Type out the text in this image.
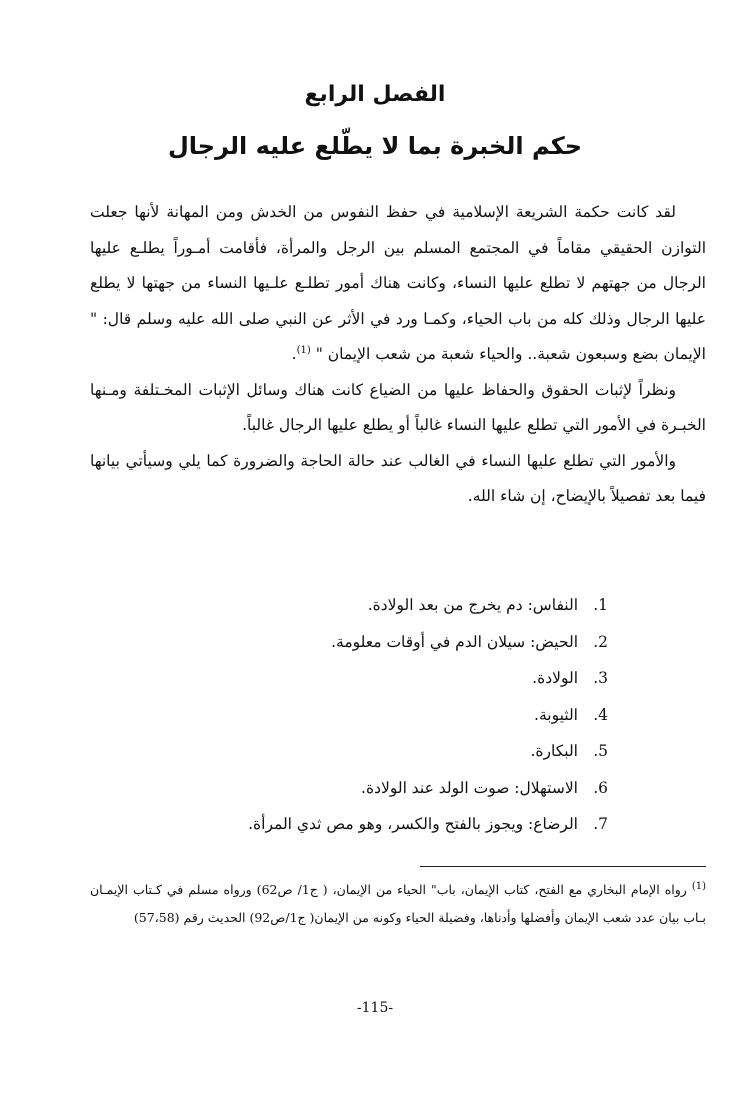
الفصل الرابع
حكم الخبرة بما لا يطّلع عليه الرجال

لقد كانت حكمة الشريعة الإسلامية في حفظ النفوس من الخدش ومن المهانة لأنها جعلت التوازن الحقيقي مقاماً في المجتمع المسلم بين الرجل والمرأة، فأقامت أمـوراً يطلـع عليها الرجال من جهتهم لا تطلع عليها النساء، وكانت هناك أمور تطلـع علـيها النساء من جهتها لا يطلع عليها الرجال وذلك كله من باب الحياء، وكمـا ورد في الأثر عن النبي صلى الله عليه وسلم قال: " الإيمان بضع وسبعون شعبة.. والحياء شعبة من شعب الإيمان " $^{(1)}$.

ونظراً لإثبات الحقوق والحفاظ عليها من الضياع كانت هناك وسائل الإثبات المخـتلفة ومـنها الخبـرة في الأمور التي تطلع عليها النساء غالباً أو يطلع عليها الرجال غالباً.

والأمور التي تطلع عليها النساء في الغالب عند حالة الحاجة والضرورة كما يلي وسيأتي بيانها فيما بعد تفصيلاً بالإيضاح، إن شاء الله.

1.النفاس: دم يخرج من بعد الولادة.
2.الحيض: سيلان الدم في أوقات معلومة.
3.الولادة.
4.الثيوبة.
5.البكارة.
6.الاستهلال: صوت الولد عند الولادة.
7.الرضاع: ويجوز بالفتح والكسر، وهو مص ثدي المرأة.
$^{(1)}$ رواه الإمام البخاري مع الفتح، كتاب الإيمان، باب" الحياء من الإيمان، ( ج1/ ص62) ورواه مسلم في كـتاب الإيمـان بـاب بيان عدد شعب الإيمان وأفضلها وأدناها، وفضيلة الحياء وكونه من الإيمان( ج1/ص92) الحديث رقم (57،58)
-115-
